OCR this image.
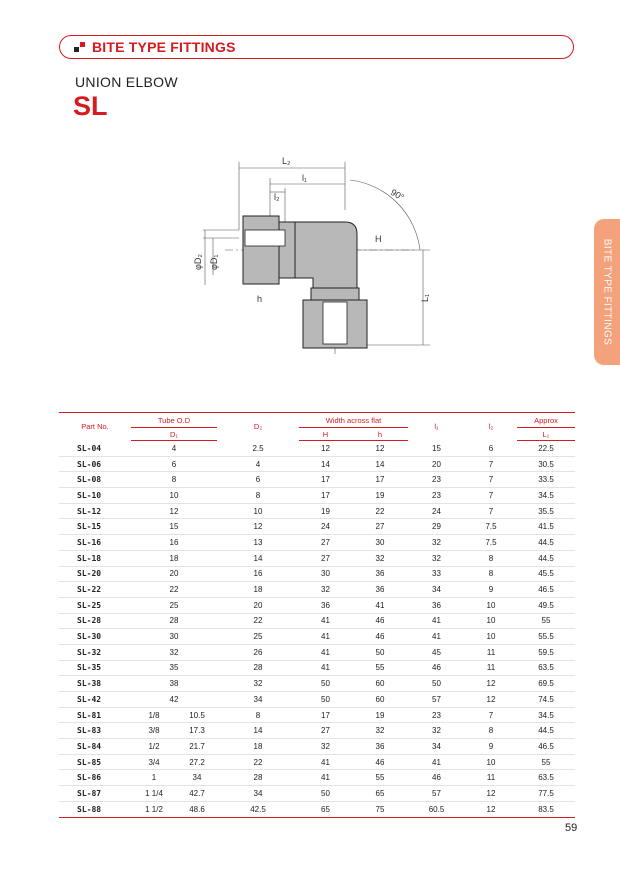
BITE TYPE FITTINGS
UNION ELBOW
SL
BITE TYPE FITTINGS
L₂
l₁
l₂	90°
H
h
φD₂ φD₁
L₁
Part No.	Tube O.D		D₂	Width across flat		l₁	l₂	Approx
	D₁			H	h			L₁
SL-04	4		2.5	12	12	15	6	22.5
SL-06	6		4	14	14	20	7	30.5
SL-08	8		6	17	17	23	7	33.5
SL-10	10		8	17	19	23	7	34.5
SL-12	12		10	19	22	24	7	35.5
SL-15	15		12	24	27	29	7.5	41.5
SL-16	16		13	27	30	32	7.5	44.5
SL-18	18		14	27	32	32	8	44.5
SL-20	20		16	30	36	33	8	45.5
SL-22	22		18	32	36	34	9	46.5
SL-25	25		20	36	41	36	10	49.5
SL-28	28		22	41	46	41	10	55
SL-30	30		25	41	46	41	10	55.5
SL-32	32		26	41	50	45	11	59.5
SL-35	35		28	41	55	46	11	63.5
SL-38	38		32	50	60	50	12	69.5
SL-42	42		34	50	60	57	12	74.5
SL-81	1/8	10.5	8	17	19	23	7	34.5
SL-83	3/8	17.3	14	27	32	32	8	44.5
SL-84	1/2	21.7	18	32	36	34	9	46.5
SL-85	3/4	27.2	22	41	46	41	10	55
SL-86	1	34	28	41	55	46	11	63.5
SL-87	1 1/4	42.7	34	50	65	57	12	77.5
SL-88	1 1/2	48.6	42.5	65	75	60.5	12	83.5
59
